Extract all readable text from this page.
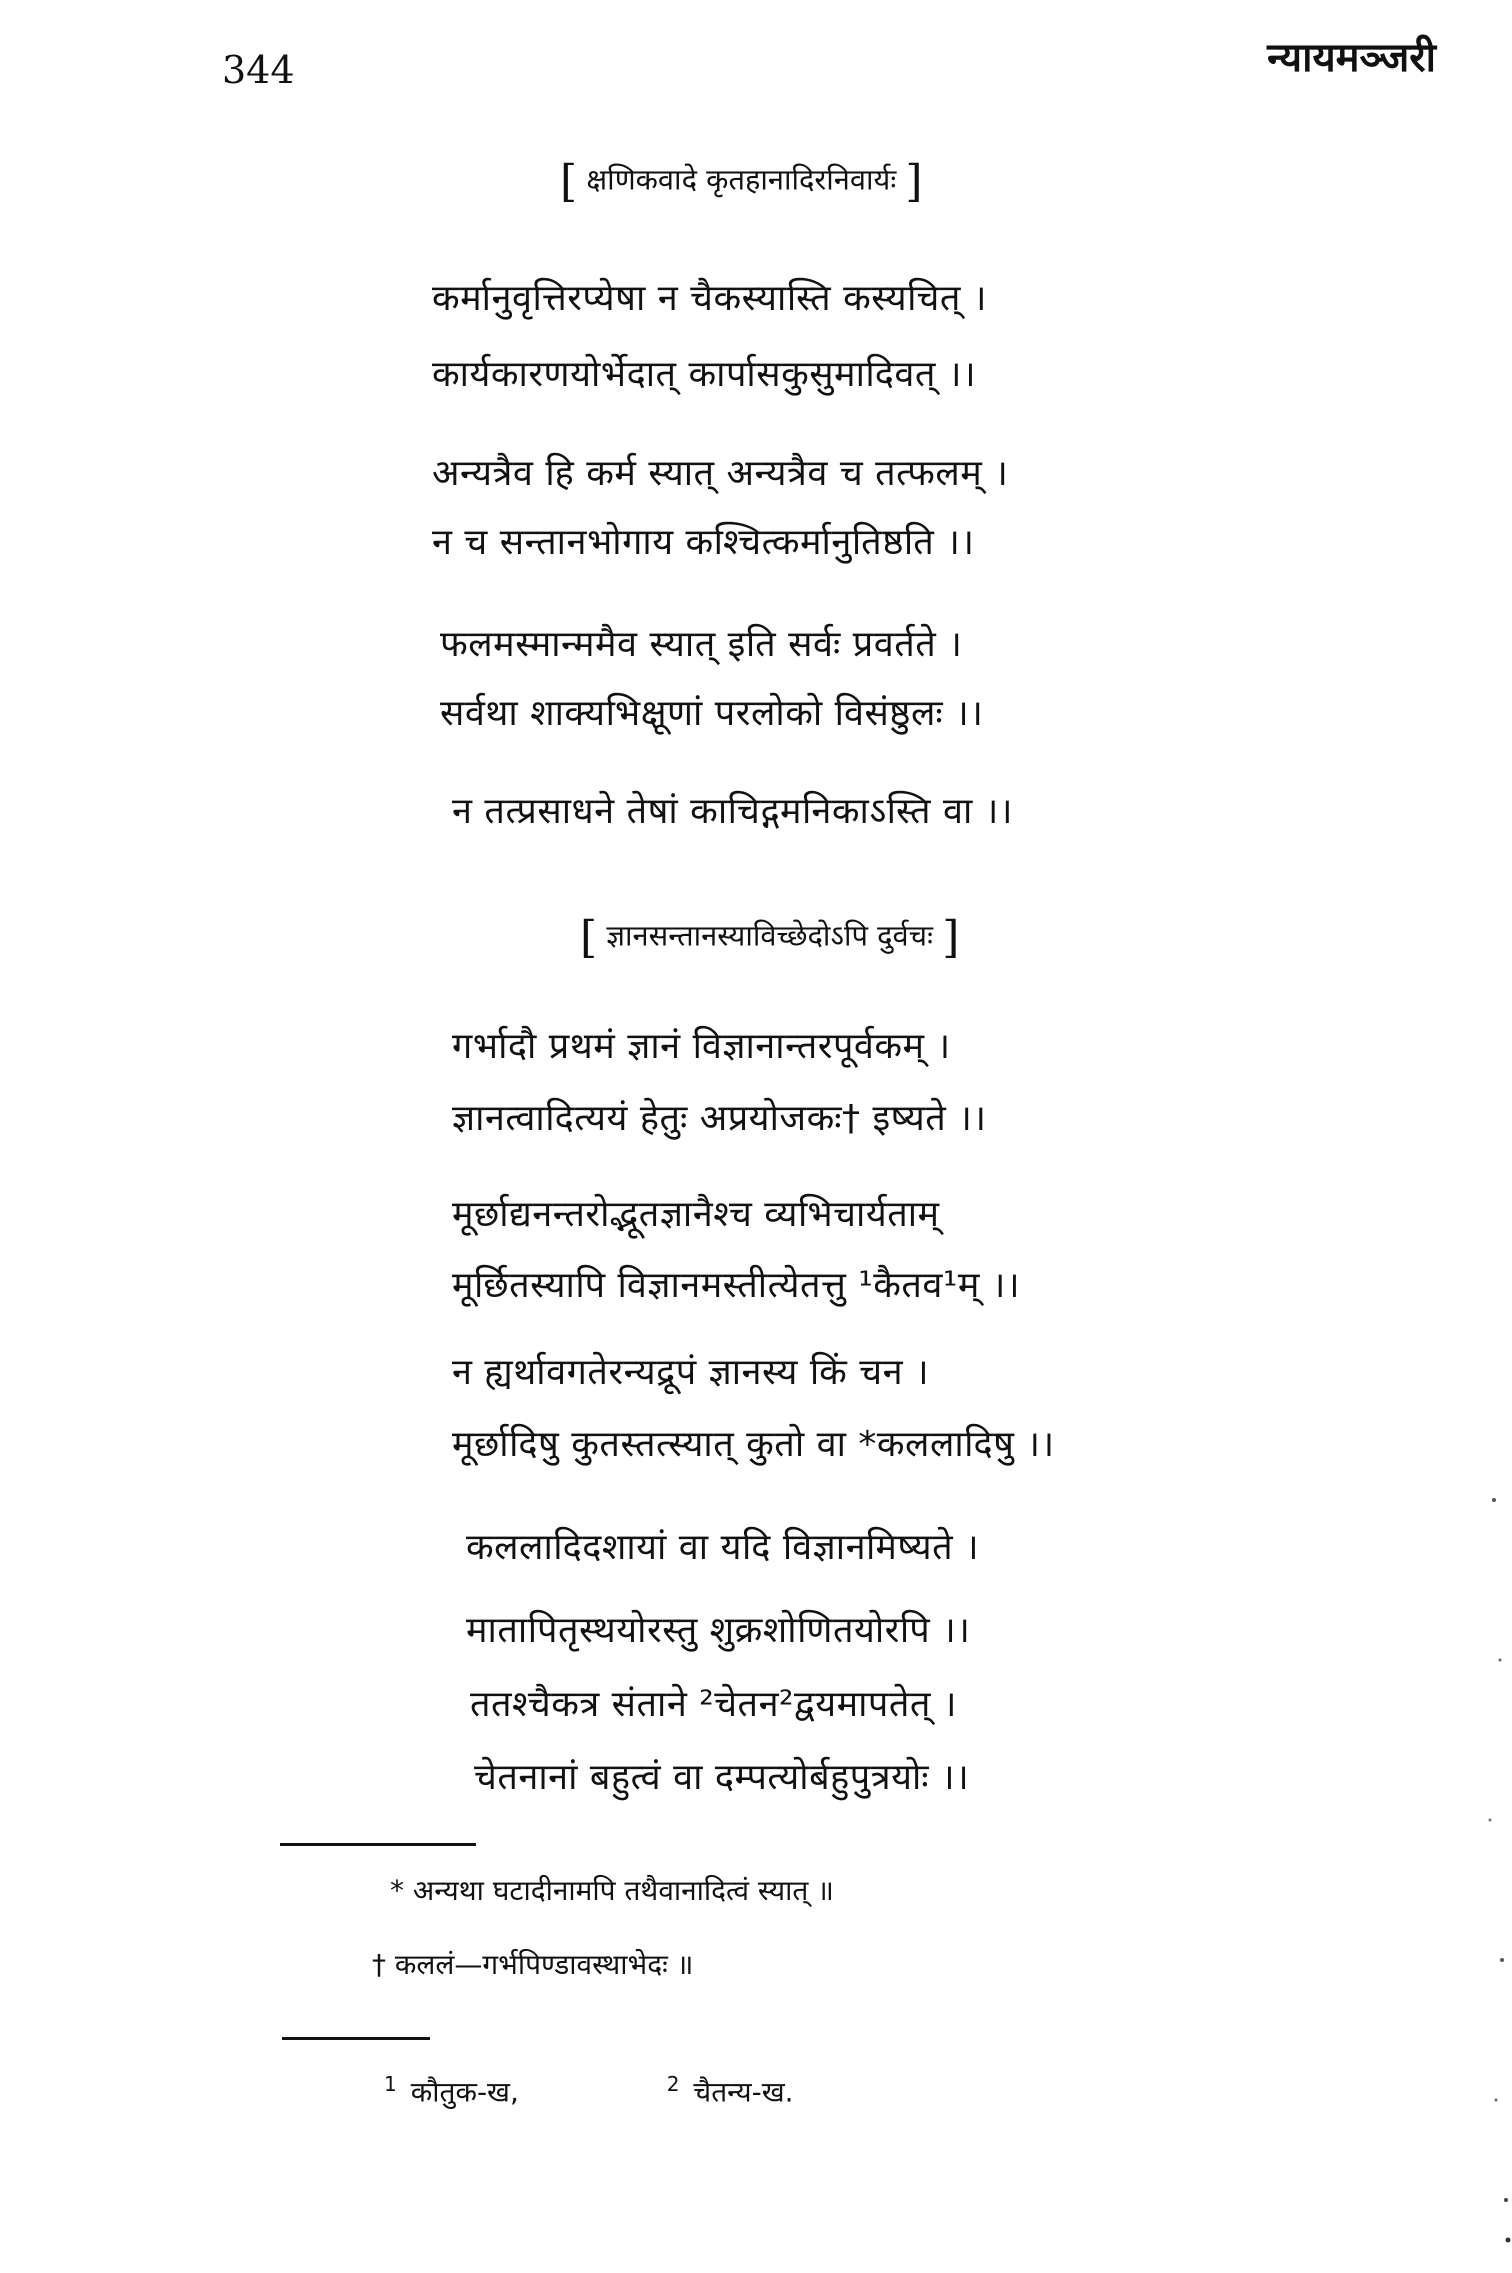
344	न्यायमञ्जरी
[ क्षणिकवादे कृतहानादिरनिवार्यः ]
कर्मानुवृत्तिरप्येषा न चैकस्यास्ति कस्यचित् ।
कार्यकारणयोर्भेदात् कार्पासकुसुमादिवत् ।।
अन्यत्रैव हि कर्म स्यात् अन्यत्रैव च तत्फलम् ।
न च सन्तानभोगाय कश्चित्कर्मानुतिष्ठति ।।
फलमस्मान्ममैव स्यात् इति सर्वः प्रवर्तते ।
सर्वथा शाक्यभिक्षूणां परलोको विसंष्ठुलः ।।
न तत्प्रसाधने तेषां काचिद्गमनिकाऽस्ति वा ।।
[ ज्ञानसन्तानस्याविच्छेदोऽपि दुर्वचः ]
गर्भादौ प्रथमं ज्ञानं विज्ञानान्तरपूर्वकम् ।
ज्ञानत्वादित्ययं हेतुः अप्रयोजकः† इष्यते ।।
मूर्छाद्यनन्तरोद्भूतज्ञानैश्च व्यभिचार्यताम्
मूर्छितस्यापि विज्ञानमस्तीत्येतत्तु ¹कैतव¹म् ।।
न ह्यर्थावगतेरन्यद्रूपं ज्ञानस्य किं चन ।
मूर्छादिषु कुतस्तत्स्यात् कुतो वा *कललादिषु ।।
कललादिदशायां वा यदि विज्ञानमिष्यते ।
मातापितृस्थयोरस्तु शुक्रशोणितयोरपि ।।
ततश्चैकत्र संताने ²चेतन²द्वयमापतेत् ।
चेतनानां बहुत्वं वा दम्पत्योर्बहुपुत्रयोः ।।
* अन्यथा घटादीनामपि तथैवानादित्वं स्यात् ॥
† कललं—गर्भपिण्डावस्थाभेदः ॥
$^1$ कौतुक-ख,	$^2$ चैतन्य-ख.
